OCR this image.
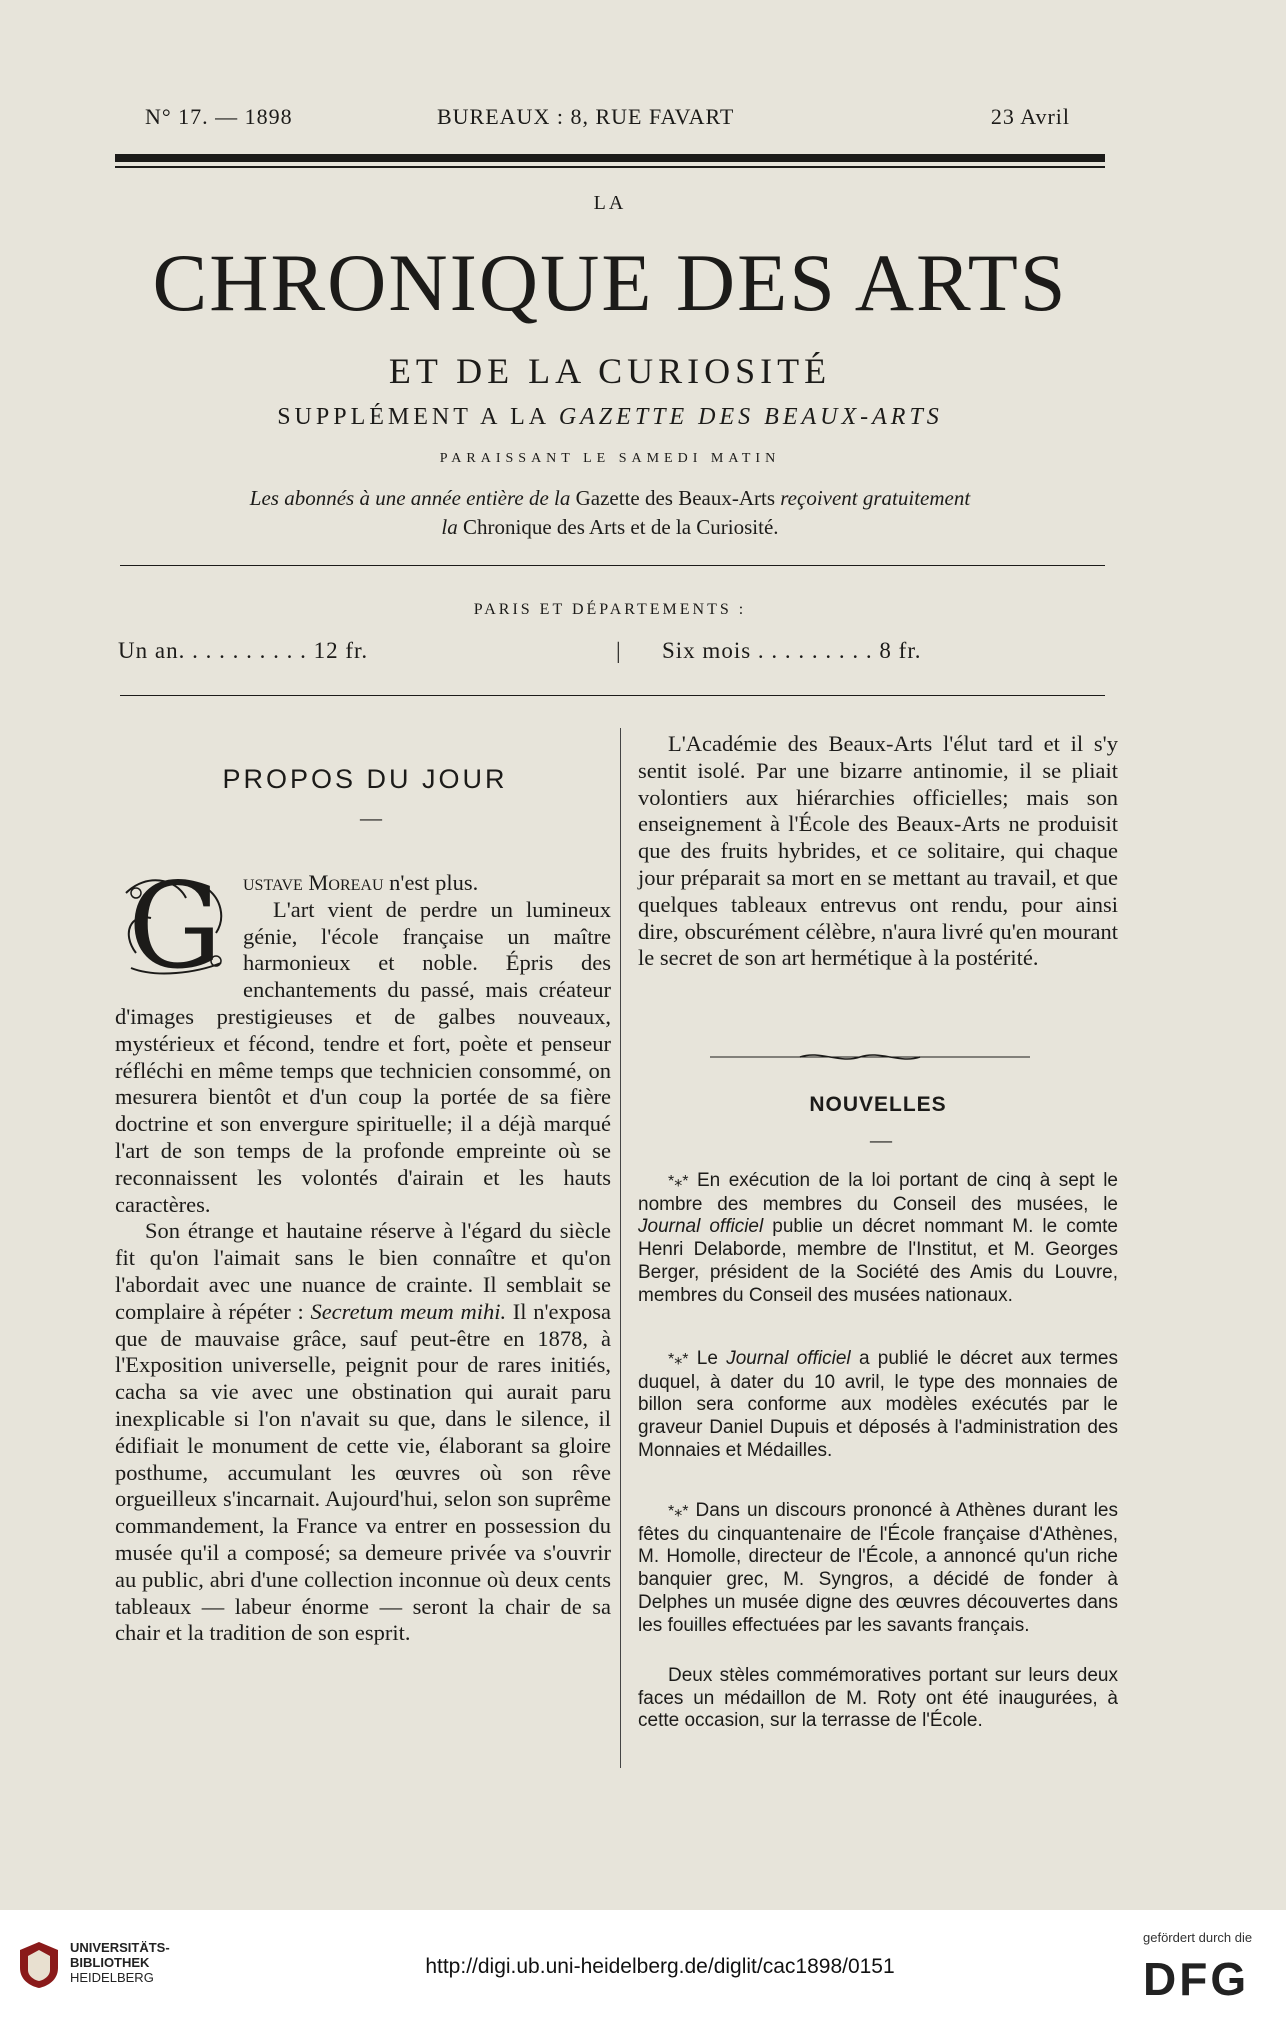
N° 17. — 1898	BUREAUX : 8, RUE FAVART	23 Avril
LA
CHRONIQUE DES ARTS
ET DE LA CURIOSITÉ
SUPPLÉMENT A LA GAZETTE DES BEAUX-ARTS
PARAISSANT LE SAMEDI MATIN
Les abonnés à une année entière de la Gazette des Beaux-Arts reçoivent gratuitement
la Chronique des Arts et de la Curiosité.
PARIS ET DÉPARTEMENTS :
Un an. . . . . . . . . . 12 fr.	| Six mois . . . . . . . . . 8 fr.
PROPOS DU JOUR
—
G ustave Moreau n'est plus.

L'art vient de perdre un lumineux génie, l'école française un maître harmonieux et noble. Épris des enchantements du passé, mais créateur d'images prestigieuses et de galbes nouveaux, mystérieux et fécond, tendre et fort, poète et penseur réfléchi en même temps que technicien consommé, on mesurera bientôt et d'un coup la portée de sa fière doctrine et son envergure spirituelle; il a déjà marqué l'art de son temps de la profonde empreinte où se reconnaissent les volontés d'airain et les hauts caractères.

Son étrange et hautaine réserve à l'égard du siècle fit qu'on l'aimait sans le bien connaître et qu'on l'abordait avec une nuance de crainte. Il semblait se complaire à répéter : Secretum meum mihi. Il n'exposa que de mauvaise grâce, sauf peut-être en 1878, à l'Exposition universelle, peignit pour de rares initiés, cacha sa vie avec une obstination qui aurait paru inexplicable si l'on n'avait su que, dans le silence, il édifiait le monument de cette vie, élaborant sa gloire posthume, accumulant les œuvres où son rêve orgueilleux s'incarnait. Aujourd'hui, selon son suprême commandement, la France va entrer en possession du musée qu'il a composé; sa demeure privée va s'ouvrir au public, abri d'une collection inconnue où deux cents tableaux — labeur énorme — seront la chair de sa chair et la tradition de son esprit.

L'Académie des Beaux-Arts l'élut tard et il s'y sentit isolé. Par une bizarre antinomie, il se pliait volontiers aux hiérarchies officielles; mais son enseignement à l'École des Beaux-Arts ne produisit que des fruits hybrides, et ce solitaire, qui chaque jour préparait sa mort en se mettant au travail, et que quelques tableaux entrevus ont rendu, pour ainsi dire, obscurément célèbre, n'aura livré qu'en mourant le secret de son art hermétique à la postérité.

NOUVELLES
—

*⁎* En exécution de la loi portant de cinq à sept le nombre des membres du Conseil des musées, le Journal officiel publie un décret nommant M. le comte Henri Delaborde, membre de l'Institut, et M. Georges Berger, président de la Société des Amis du Louvre, membres du Conseil des musées nationaux.

*⁎* Le Journal officiel a publié le décret aux termes duquel, à dater du 10 avril, le type des monnaies de billon sera conforme aux modèles exécutés par le graveur Daniel Dupuis et déposés à l'administration des Monnaies et Médailles.

*⁎* Dans un discours prononcé à Athènes durant les fêtes du cinquantenaire de l'École française d'Athènes, M. Homolle, directeur de l'École, a annoncé qu'un riche banquier grec, M. Syngros, a décidé de fonder à Delphes un musée digne des œuvres découvertes dans les fouilles effectuées par les savants français.

Deux stèles commémoratives portant sur leurs deux faces un médaillon de M. Roty ont été inaugurées, à cette occasion, sur la terrasse de l'École.

UNIVERSITÄTS-
BIBLIOTHEK
HEIDELBERG	http://digi.ub.uni-heidelberg.de/diglit/cac1898/0151
gefördert durch die
DFG
